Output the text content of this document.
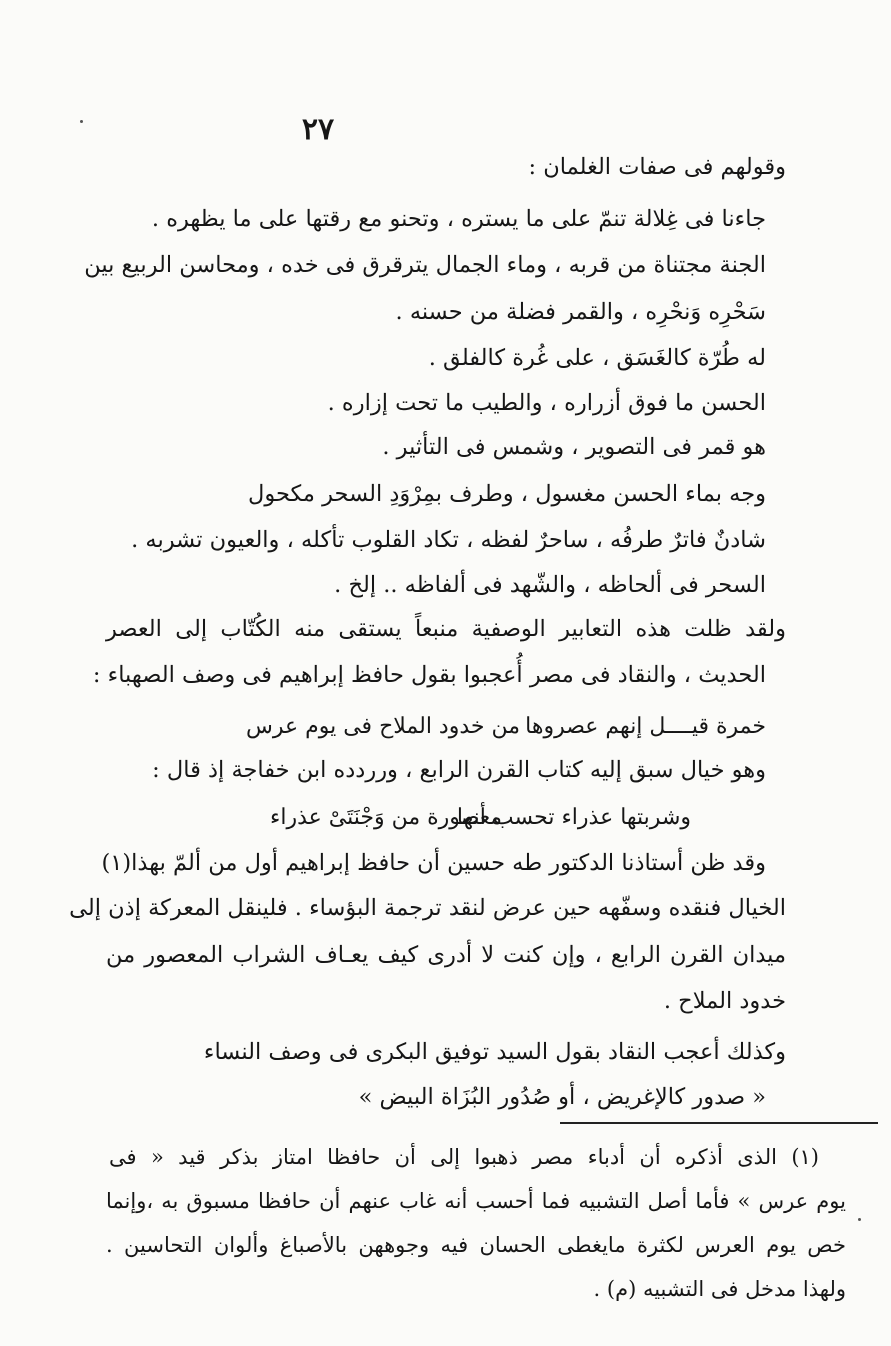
٢٧
وقولهم فى صفات الغلمان :
جاءنا فى غِلالة تنمّ على ما يستره ، وتحنو مع رقتها على ما يظهره .
الجنة مجتناة من قربه ، وماء الجمال يترقرق فى خده ، ومحاسن الربيع بين
سَحْرِه وَنحْرِه ، والقمر فضلة من حسنه .
له طُرّة كالغَسَق ، على غُرة كالفلق .
الحسن ما فوق أزراره ، والطيب ما تحت إزاره .
هو قمر فى التصوير ، وشمس فى التأثير .
وجه بماء الحسن مغسول ، وطرف بمِرْوَدِ السحر مكحول
شادنٌ فاترٌ طرفُه ، ساحرٌ لفظه ، تكاد القلوب تأكله ، والعيون تشربه .
السحر فى ألحاظه ، والشّهد فى ألفاظه .. إلخ .
ولقد ظلت هذه التعابير الوصفية منبعاً يستقى منه الكُتّاب إلى العصر
الحديث ، والنقاد فى مصر أُعجبوا بقول حافظ إبراهيم فى وصف الصهباء :
خمرة قيــــل إنهم عصروها
من خدود الملاح فى يوم عرس
وهو خيال سبق إليه كتاب القرن الرابع ، ورردده ابن خفاجة إذ قال :
وشربتها عذراء تحسب أنها
معصورة من وَجْنَتَىْ عذراء
وقد ظن أستاذنا الدكتور طه حسين أن حافظ إبراهيم أول من ألمّ بهذا(١)
الخيال فنقده وسفّهه حين عرض لنقد ترجمة البؤساء . فلينقل المعركة إذن إلى
ميدان القرن الرابع ، وإن كنت لا أدرى كيف يعـاف الشراب المعصور من
خدود الملاح .
وكذلك أعجب النقاد بقول السيد توفيق البكرى فى وصف النساء
« صدور كالإغريض ، أو صُدُور البُزَاة البيض »
(١) الذى أذكره أن أدباء مصر ذهبوا إلى أن حافظا امتاز بذكر قيد « فى
يوم عرس » فأما أصل التشبيه فما أحسب أنه غاب عنهم أن حافظا مسبوق به ،وإنما
خص يوم العرس لكثرة مايغطى الحسان فيه وجوههن بالأصباغ وألوان التحاسين .
ولهذا مدخل فى التشبيه (م) .
